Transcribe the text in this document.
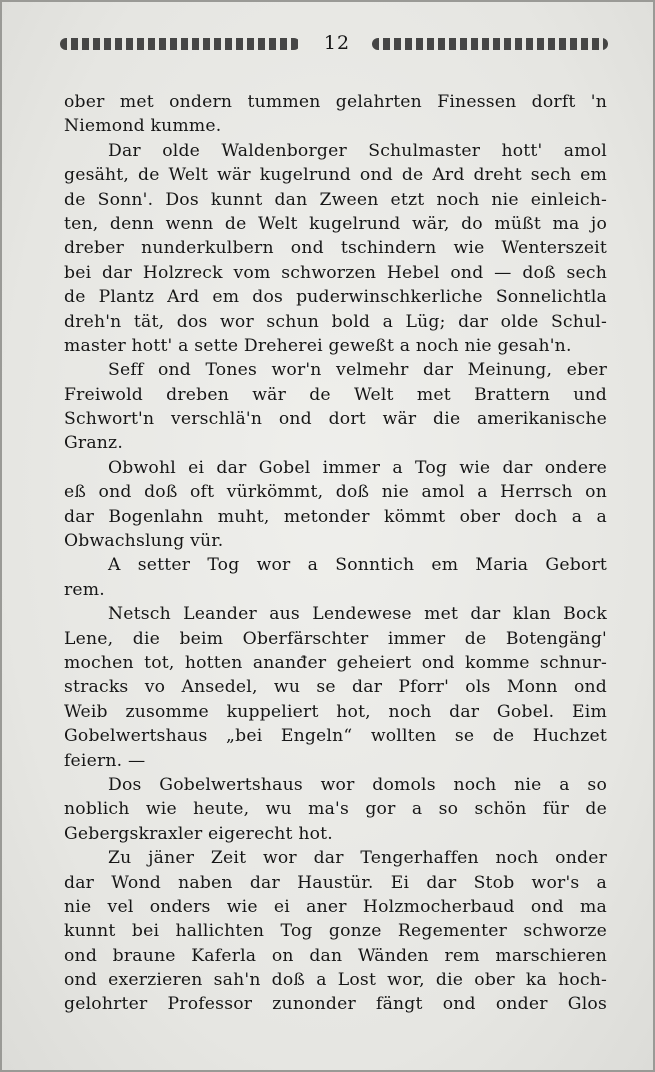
12
ober met ondern tummen gelahrten Finessen dorft 'n
Niemond kumme.
Dar olde Waldenborger Schulmaster hott' amol
gesäht, de Welt wär kugelrund ond de Ard dreht sech em
de Sonn'. Dos kunnt dan Zween etzt noch nie einleich-
ten, denn wenn de Welt kugelrund wär, do müßt ma jo
dreber nunderkulbern ond tschindern wie Wenterszeit
bei dar Holzreck vom schworzen Hebel ond — doß sech
de Plantz Ard em dos puderwinschkerliche Sonnelichtla
dreh'n tät, dos wor schun bold a Lüg; dar olde Schul-
master hott' a sette Dreherei geweßt a noch nie gesah'n.
Seff ond Tones wor'n velmehr dar Meinung, eber
Freiwold dreben wär de Welt met Brattern und
Schwort'n verschlä'n ond dort wär die amerikanische
Granz.
Obwohl ei dar Gobel immer a Tog wie dar ondere
eß ond doß oft vürkömmt, doß nie amol a Herrsch on
dar Bogenlahn muht, metonder kömmt ober doch a a
Obwachslung vür.
A setter Tog wor a Sonntich em Maria Gebort
rem.
Netsch Leander aus Lendewese met dar klan Bock
Lene, die beim Oberfärschter immer de Botengäng'
mochen tot, hotten ananđer geheiert ond komme schnur-
stracks vo Ansedel, wu se dar Pforr' ols Monn ond
Weib zusomme kuppeliert hot, noch dar Gobel. Eim
Gobelwertshaus „bei Engeln“ wollten se de Huchzet
feiern. —
Dos Gobelwertshaus wor domols noch nie a so
noblich wie heute, wu ma's gor a so schön für de
Gebergskraxler eigerecht hot.
Zu jäner Zeit wor dar Tengerhaffen noch onder
dar Wond naben dar Haustür. Ei dar Stob wor's a
nie vel onders wie ei aner Holzmocherbaud ond ma
kunnt bei hallichten Tog gonze Regementer schworze
ond braune Kaferla on dan Wänden rem marschieren
ond exerzieren sah'n doß a Lost wor, die ober ka hoch-
gelohrter Professor zunonder fängt ond onder Glos
